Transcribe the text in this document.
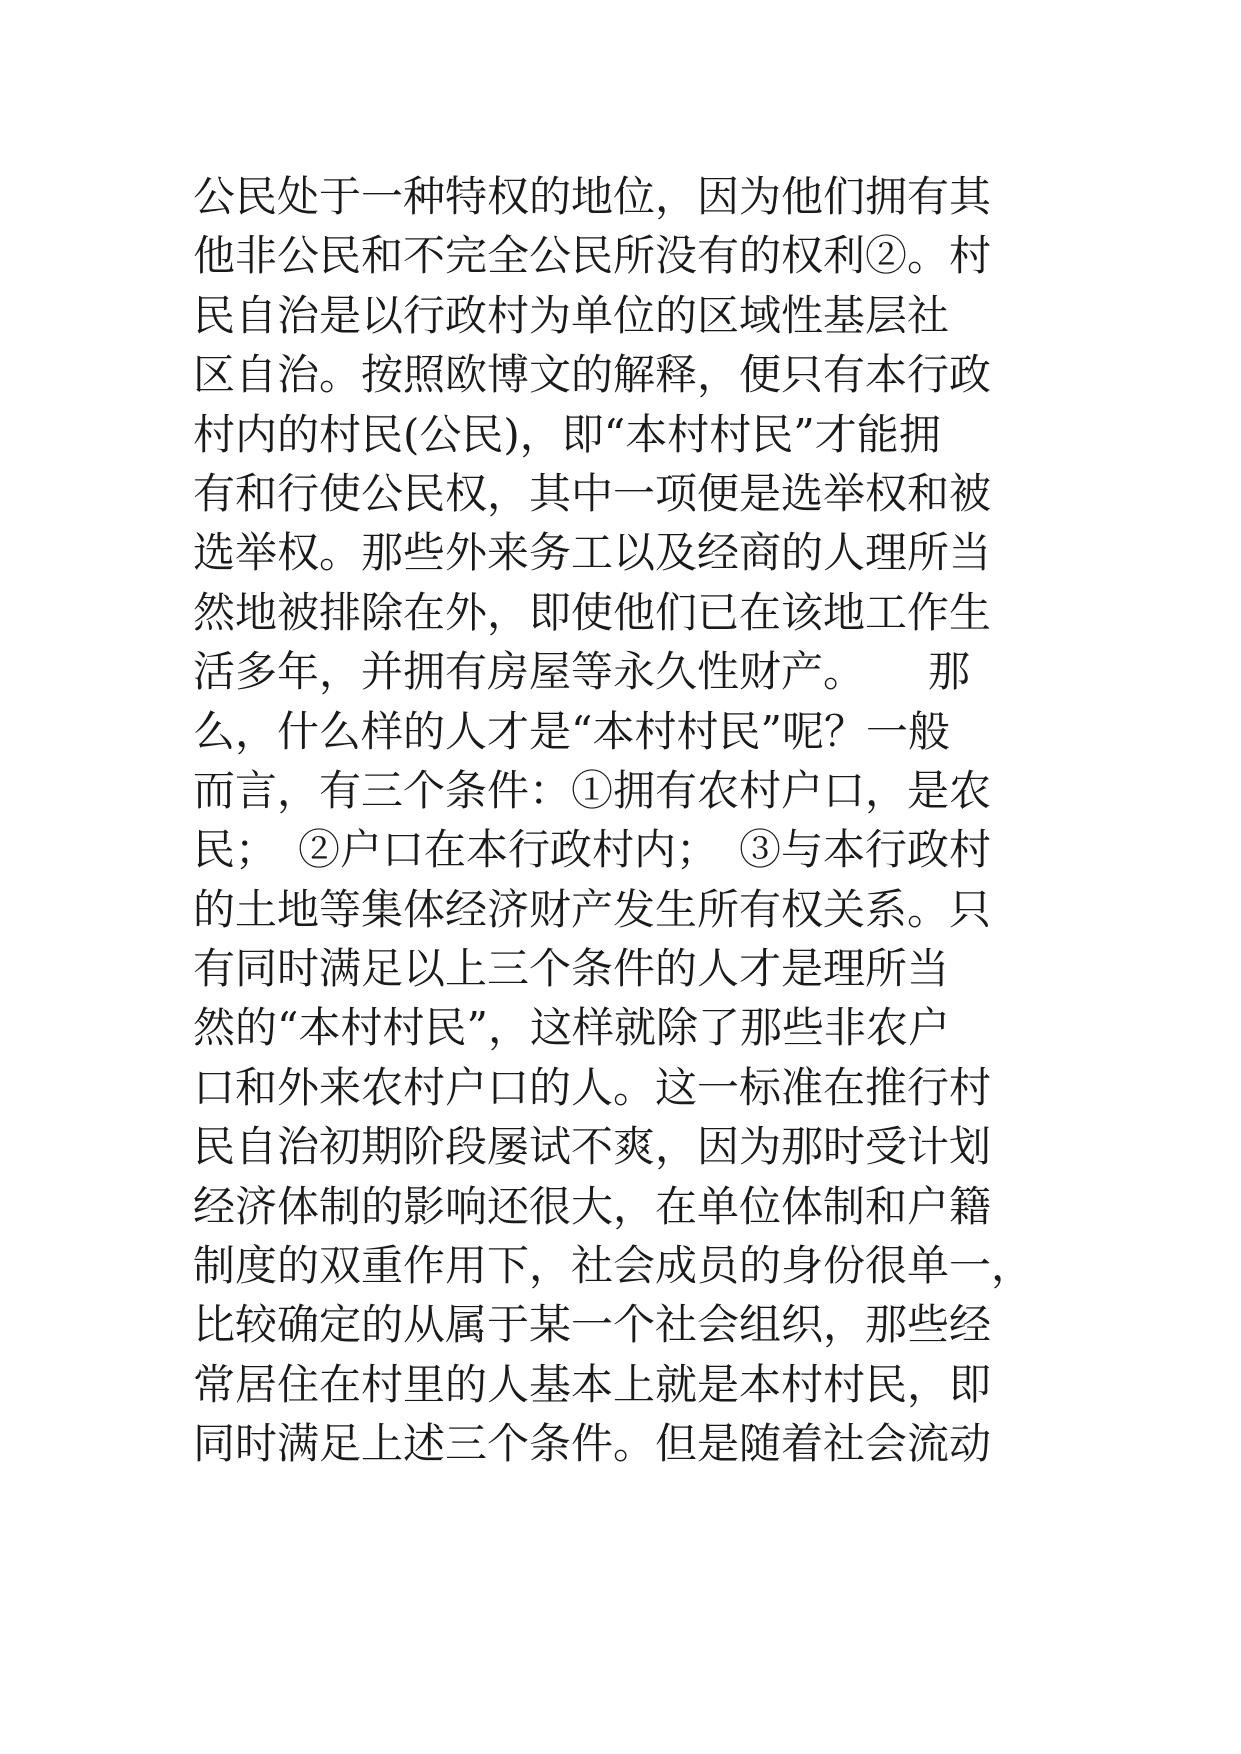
公民处于一种特权的地位，因为他们拥有其
他非公民和不完全公民所没有的权利②。村
民自治是以行政村为单位的区域性基层社
区自治。按照欧博文的解释，便只有本行政
村内的村民(公民)，即“本村村民”才能拥
有和行使公民权，其中一项便是选举权和被
选举权。那些外来务工以及经商的人理所当
然地被排除在外，即使他们已在该地工作生
活多年，并拥有房屋等永久性财产。　　那
么，什么样的人才是“本村村民”呢？一般
而言，有三个条件：①拥有农村户口，是农
民；　②户口在本行政村内；　③与本行政村
的土地等集体经济财产发生所有权关系。只
有同时满足以上三个条件的人才是理所当
然的“本村村民”，这样就除了那些非农户
口和外来农村户口的人。这一标准在推行村
民自治初期阶段屡试不爽，因为那时受计划
经济体制的影响还很大，在单位体制和户籍
制度的双重作用下，社会成员的身份很单一，
比较确定的从属于某一个社会组织，那些经
常居住在村里的人基本上就是本村村民，即
同时满足上述三个条件。但是随着社会流动
